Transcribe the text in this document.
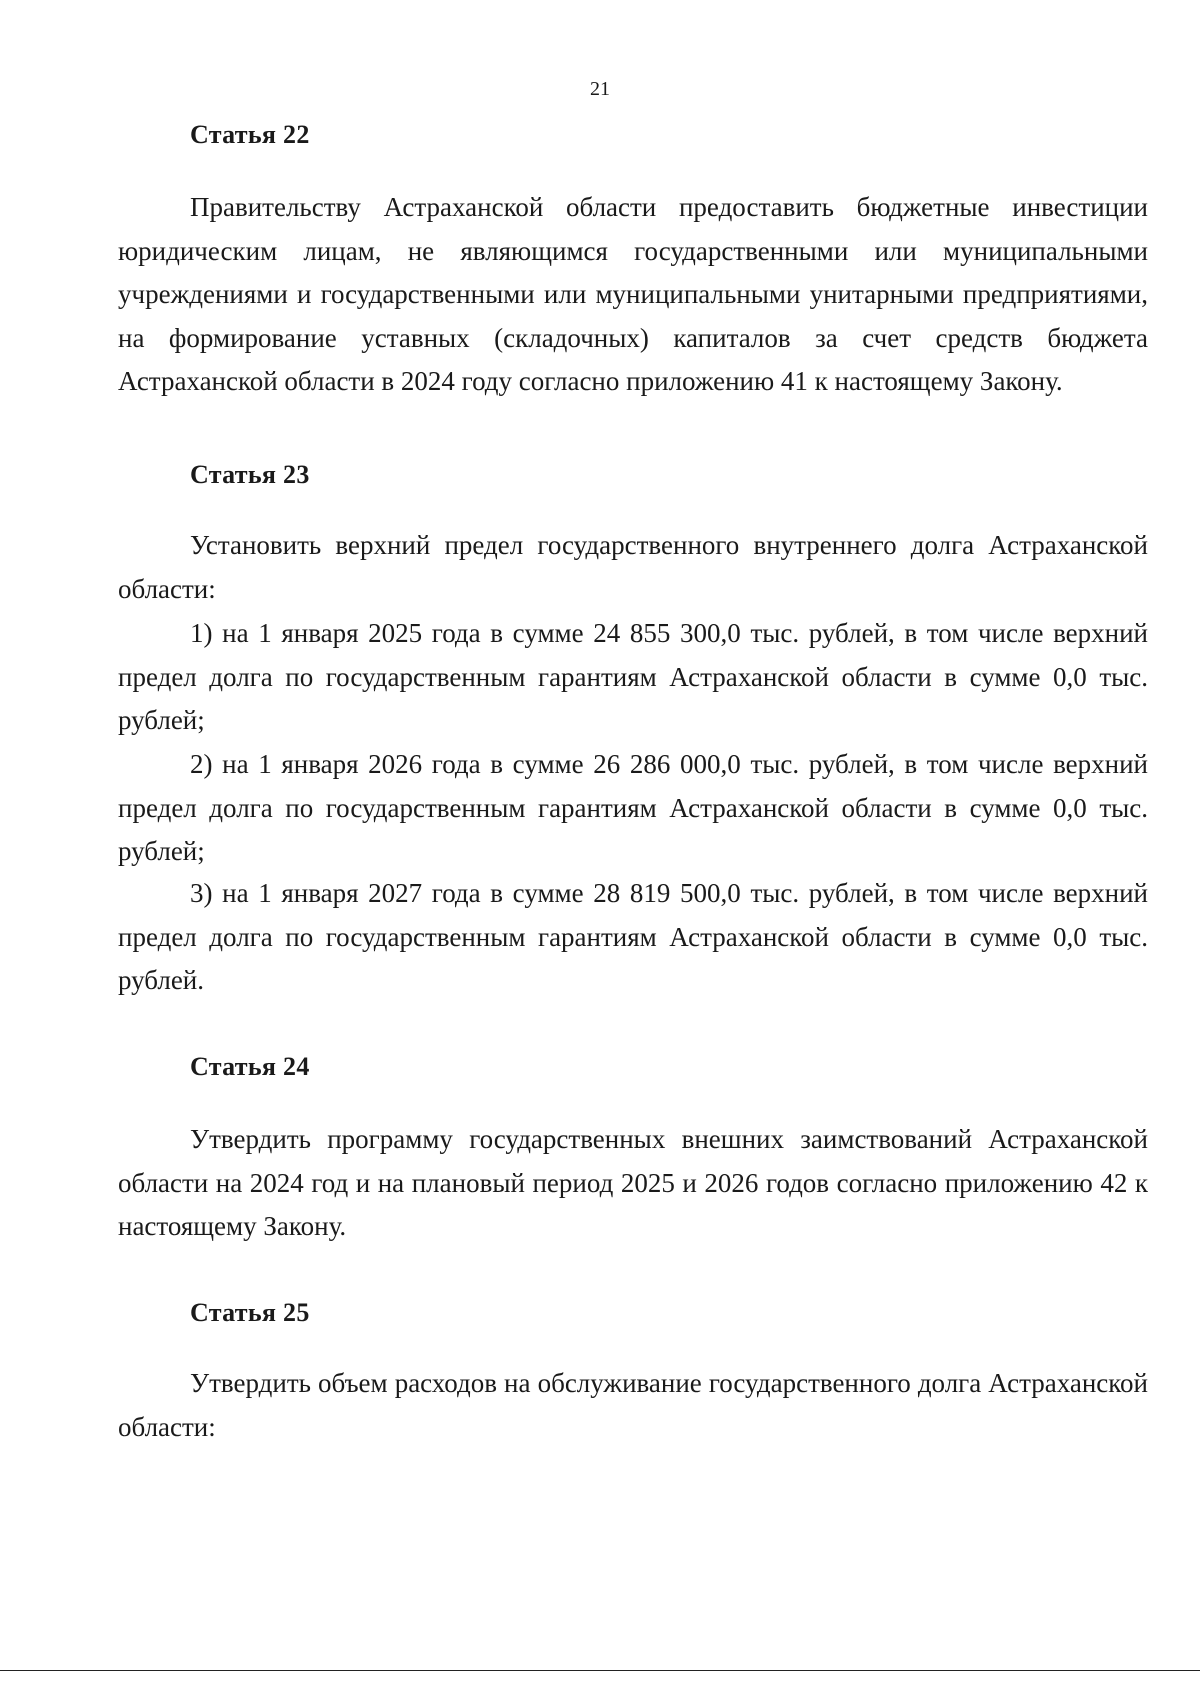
21
Статья 22
Правительству Астраханской области предоставить бюджетные инвестиции юридическим лицам, не являющимся государственными или муниципальными учреждениями и государственными или муниципальными унитарными предприятиями, на формирование уставных (складочных) капиталов за счет средств бюджета Астраханской области в 2024 году согласно приложению 41 к настоящему Закону.
Статья 23
Установить верхний предел государственного внутреннего долга Астраханской области:
1) на 1 января 2025 года в сумме 24 855 300,0 тыс. рублей, в том числе верхний предел долга по государственным гарантиям Астраханской области в сумме 0,0 тыс. рублей;
2) на 1 января 2026 года в сумме 26 286 000,0 тыс. рублей, в том числе верхний предел долга по государственным гарантиям Астраханской области в сумме 0,0 тыс. рублей;
3) на 1 января 2027 года в сумме 28 819 500,0 тыс. рублей, в том числе верхний предел долга по государственным гарантиям Астраханской области в сумме 0,0 тыс. рублей.
Статья 24
Утвердить программу государственных внешних заимствований Астраханской области на 2024 год и на плановый период 2025 и 2026 годов согласно приложению 42 к настоящему Закону.
Статья 25
Утвердить объем расходов на обслуживание государственного долга Астраханской области:
